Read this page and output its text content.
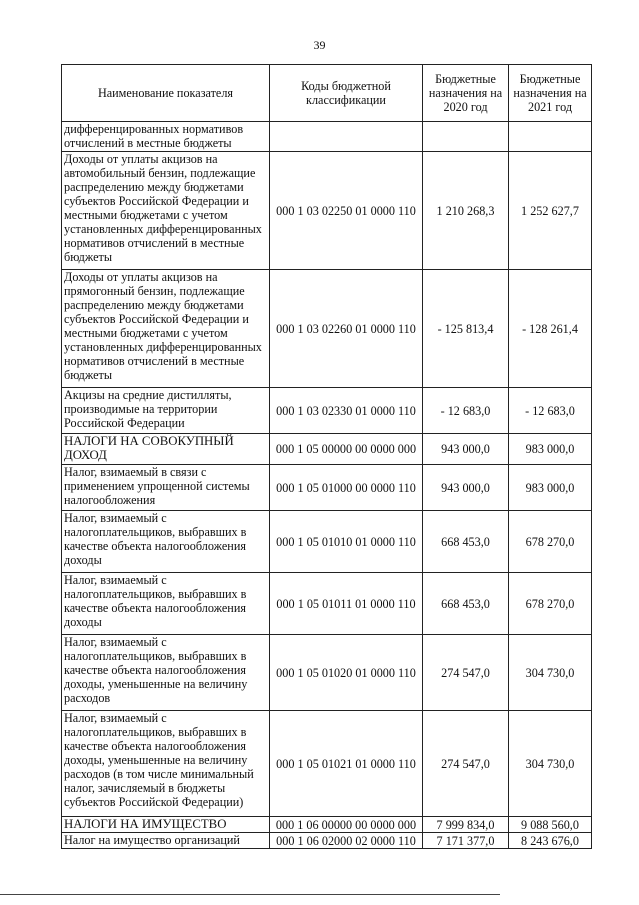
39
Наименование показателя	Коды бюджетной классификации	Бюджетные назначения на 2020 год	Бюджетные назначения на 2021 год
дифференцированных нормативов отчислений в местные бюджеты			
Доходы от уплаты акцизов на автомобильный бензин, подлежащие распределению между бюджетами субъектов Российской Федерации и местными бюджетами с учетом установленных дифференцированных нормативов отчислений в местные бюджеты	000 1 03 02250 01 0000 110	1 210 268,3	1 252 627,7
Доходы от уплаты акцизов на прямогонный бензин, подлежащие распределению между бюджетами субъектов Российской Федерации и местными бюджетами с учетом установленных дифференцированных нормативов отчислений в местные бюджеты	000 1 03 02260 01 0000 110	- 125 813,4	- 128 261,4
Акцизы на средние дистилляты, производимые на территории Российской Федерации	000 1 03 02330 01 0000 110	- 12 683,0	- 12 683,0
НАЛОГИ НА СОВОКУПНЫЙ ДОХОД	000 1 05 00000 00 0000 000	943 000,0	983 000,0
Налог, взимаемый в связи с применением упрощенной системы налогообложения	000 1 05 01000 00 0000 110	943 000,0	983 000,0
Налог, взимаемый с налогоплательщиков, выбравших в качестве объекта налогообложения доходы	000 1 05 01010 01 0000 110	668 453,0	678 270,0
Налог, взимаемый с налогоплательщиков, выбравших в качестве объекта налогообложения доходы	000 1 05 01011 01 0000 110	668 453,0	678 270,0
Налог, взимаемый с налогоплательщиков, выбравших в качестве объекта налогообложения доходы, уменьшенные на величину расходов	000 1 05 01020 01 0000 110	274 547,0	304 730,0
Налог, взимаемый с налогоплательщиков, выбравших в качестве объекта налогообложения доходы, уменьшенные на величину расходов (в том числе минимальный налог, зачисляемый в бюджеты субъектов Российской Федерации)	000 1 05 01021 01 0000 110	274 547,0	304 730,0
НАЛОГИ НА ИМУЩЕСТВО	000 1 06 00000 00 0000 000	7 999 834,0	9 088 560,0
Налог на имущество организаций	000 1 06 02000 02 0000 110	7 171 377,0	8 243 676,0
